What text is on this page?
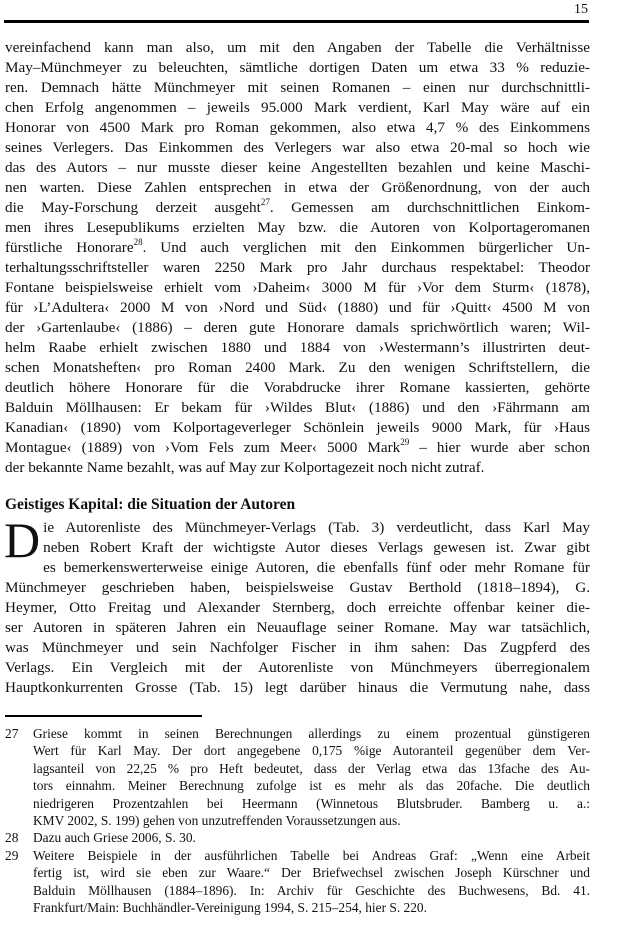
15
vereinfachend kann man also, um mit den Angaben der Tabelle die Verhältnisse
May–Münchmeyer zu beleuchten, sämtliche dortigen Daten um etwa 33 % reduzie-
ren. Demnach hätte Münchmeyer mit seinen Romanen – einen nur durchschnittli-
chen Erfolg angenommen – jeweils 95.000 Mark verdient, Karl May wäre auf ein
Honorar von 4500 Mark pro Roman gekommen, also etwa 4,7 % des Einkommens
seines Verlegers. Das Einkommen des Verlegers war also etwa 20-mal so hoch wie
das des Autors – nur musste dieser keine Angestellten bezahlen und keine Maschi-
nen warten. Diese Zahlen entsprechen in etwa der Größenordnung, von der auch
die May-Forschung derzeit ausgeht$^{27}$. Gemessen am durchschnittlichen Einkom-
men ihres Lesepublikums erzielten May bzw. die Autoren von Kolportageromanen
fürstliche Honorare$^{28}$. Und auch verglichen mit den Einkommen bürgerlicher Un-
terhaltungsschriftsteller waren 2250 Mark pro Jahr durchaus respektabel: Theodor
Fontane beispielsweise erhielt vom ›Daheim‹ 3000 M für ›Vor dem Sturm‹ (1878),
für ›L’Adultera‹ 2000 M von ›Nord und Süd‹ (1880) und für ›Quitt‹ 4500 M von
der ›Gartenlaube‹ (1886) – deren gute Honorare damals sprichwörtlich waren; Wil-
helm Raabe erhielt zwischen 1880 und 1884 von ›Westermann’s illustrirten deut-
schen Monatsheften‹ pro Roman 2400 Mark. Zu den wenigen Schriftstellern, die
deutlich höhere Honorare für die Vorabdrucke ihrer Romane kassierten, gehörte
Balduin Möllhausen: Er bekam für ›Wildes Blut‹ (1886) und den ›Fährmann am
Kanadian‹ (1890) vom Kolportageverleger Schönlein jeweils 9000 Mark, für ›Haus
Montague‹ (1889) von ›Vom Fels zum Meer‹ 5000 Mark$^{29}$ – hier wurde aber schon
der bekannte Name bezahlt, was auf May zur Kolportagezeit noch nicht zutraf.
Geistiges Kapital: die Situation der Autoren
D ie Autorenliste des Münchmeyer-Verlags (Tab. 3) verdeutlicht, dass Karl May
neben Robert Kraft der wichtigste Autor dieses Verlags gewesen ist. Zwar gibt
es bemerkenswerterweise einige Autoren, die ebenfalls fünf oder mehr Romane für
Münchmeyer geschrieben haben, beispielsweise Gustav Berthold (1818–1894), G.
Heymer, Otto Freitag und Alexander Sternberg, doch erreichte offenbar keiner die-
ser Autoren in späteren Jahren ein Neuauflage seiner Romane. May war tatsächlich,
was Münchmeyer und sein Nachfolger Fischer in ihm sahen: Das Zugpferd des
Verlags. Ein Vergleich mit der Autorenliste von Münchmeyers überregionalem
Hauptkonkurrenten Grosse (Tab. 15) legt darüber hinaus die Vermutung nahe, dass
27	Griese kommt in seinen Berechnungen allerdings zu einem prozentual günstigeren
Wert für Karl May. Der dort angegebene 0,175 %ige Autoranteil gegenüber dem Ver-
lagsanteil von 22,25 % pro Heft bedeutet, dass der Verlag etwa das 13fache des Au-
tors einnahm. Meiner Berechnung zufolge ist es mehr als das 20fache. Die deutlich
niedrigeren Prozentzahlen bei Heermann (Winnetous Blutsbruder. Bamberg u. a.:
KMV 2002, S. 199) gehen von unzutreffenden Voraussetzungen aus.
28	Dazu auch Griese 2006, S. 30.
29	Weitere Beispiele in der ausführlichen Tabelle bei Andreas Graf: „Wenn eine Arbeit
fertig ist, wird sie eben zur Waare.“ Der Briefwechsel zwischen Joseph Kürschner und
Balduin Möllhausen (1884–1896). In: Archiv für Geschichte des Buchwesens, Bd. 41.
Frankfurt/Main: Buchhändler-Vereinigung 1994, S. 215–254, hier S. 220.
